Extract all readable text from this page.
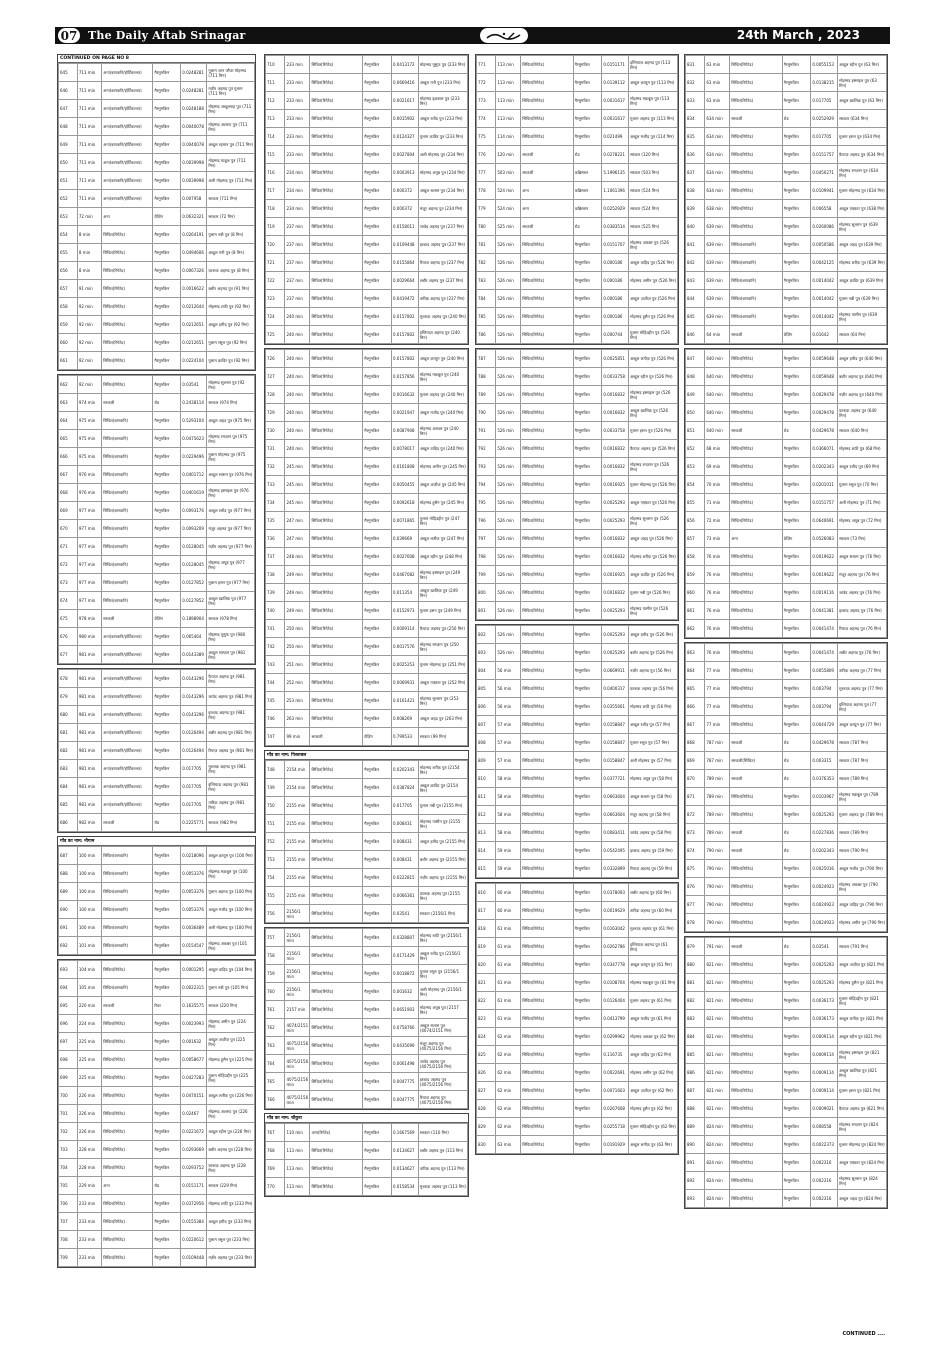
07 The Daily Aftab Srinagar	24th March , 2023
CONTINUED ON PAGE NO 8
645	711 min	अन्य(बागवानि/हॉर्टिकल्चर)	गैरमुमकिन	0.0248281	गुलाम जान जौजा मोहम्मद (711 मिन)
646	711 min	अन्य(बागवानि/हॉर्टिकल्चर)	गैरमुमकिन	0.0248281	नज़ीर अहमद पुत्र गुलाम (711 मिन)
647	711 min	अन्य(बागवानि/हॉर्टिकल्चर)	गैरमुमकिन	0.0248188	मोहम्मद अब्दुल्लाह पुत्र (711 मिन)
648	711 min	अन्य(बागवानि/हॉर्टिकल्चर)	गैरमुमकिन	0.0040078	मोहम्मद अशरफ पुत्र (711 मिन)
649	711 min	अन्य(बागवानि/हॉर्टिकल्चर)	गैरमुमकिन	0.0040078	अब्दुल रहमान पुत्र (711 मिन)
650	711 min	अन्य(बागवानि/हॉर्टिकल्चर)	गैरमुमकिन	0.0039998	मोहम्मद याकूब पुत्र (711 मिन)
651	711 min	अन्य(बागवानि/हॉर्टिकल्चर)	गैरमुमकिन	0.0039998	अली मोहम्मद पुत्र (711 मिन)
652	711 min	अन्य(बागवानि/हॉर्टिकल्चर)	गैरमुमकिन	0.007958	सरकार (711 मिन)
653	72 min	अन्य	ग्रेज़िंग	0.0632321	सरकार (72 मिन)
654	8 min	सिंचित(रिगेटेड)	गैरमुमकिन	0.0264191	गुलाम नबी पुत्र (8 मिन)
655	8 min	सिंचित(रिगेटेड)	गैरमुमकिन	0.0494606	अब्दुल गनी पुत्र (8 मिन)
656	8 min	सिंचित(रिगेटेड)	गैरमुमकिन	0.0067326	फ़ारूक अहमद पुत्र (8 मिन)
657	91 min	सिंचित(रिगेटेड)	गैरमुमकिन	0.0016622	बशीर अहमद पुत्र (91 मिन)
658	92 min	सिंचित(रिगेटेड)	गैरमुमकिन	0.0212644	मोहम्मद शफी पुत्र (92 मिन)
659	92 min	सिंचित(रिगेटेड)	गैरमुमकिन	0.0212651	अब्दुल हमीद पुत्र (92 मिन)
660	92 min	सिंचित(रिगेटेड)	गैरमुमकिन	0.0212651	गुलाम रसूल पुत्र (92 मिन)
661	92 min	सिंचित(रिगेटेड)	गैरमुमकिन	0.0224104	ग़ुलाम क़ादिर पुत्र (92 मिन)
662	92 min	सिंचित(रिगेटेड)	गैरमुमकिन	0.03541	मोहम्मद सुल्तान पुत्र (92 मिन)
663	974 min	सरकारी	रोड	0.2438114	सरकार (974 मिन)
664	975 min	सिंचित(बागवानि)	गैरमुमकिन	0.5293104	अब्दुल अहद पुत्र (975 मिन)
665	975 min	सिंचित(बागवानि)	गैरमुमकिन	0.0475623	मोहम्मद रमज़ान पुत्र (975 मिन)
666	975 min	सिंचित(बागवानि)	गैरमुमकिन	0.0229496	ग़ुलाम मोहम्मद पुत्र (975 मिन)
667	976 min	सिंचित(बागवानि)	गैरमुमकिन	0.0401712	अब्दुल सलाम पुत्र (976 मिन)
668	976 min	सिंचित(बागवानि)	गैरमुमकिन	0.0401619	मोहम्मद इस्माइल पुत्र (976 मिन)
669	977 min	सिंचित(बागवानि)	गैरमुमकिन	0.0093176	अब्दुल रशीद पुत्र (977 मिन)
670	977 min	सिंचित(बागवानि)	गैरमुमकिन	0.0093209	मंज़ूर अहमद पुत्र (977 मिन)
671	977 min	सिंचित(बागवानि)	गैरमुमकिन	0.0128045	नज़ीर अहमद पुत्र (977 मिन)
672	977 min	सिंचित(बागवानि)	गैरमुमकिन	0.0128045	मोहम्मद अयूब पुत्र (977 मिन)
673	977 min	सिंचित(बागवानि)	गैरमुमकिन	0.0127852	ग़ुलाम हसन पुत्र (977 मिन)
674	977 min	सिंचित(बागवानि)	गैरमुमकिन	0.0127852	अब्दुल ख़ालिक़ पुत्र (977 मिन)
675	978 min	सरकारी	ग्रेज़िंग	0.1898904	सरकार (978 मिन)
676	980 min	अन्य(बागवानि/हॉर्टिकल्चर)	गैरमुमकिन	0.065464	मोहम्मद यूसुफ पुत्र (980 मिन)
677	981 min	अन्य(बागवानि/हॉर्टिकल्चर)	गैरमुमकिन	0.0143389	अब्दुल ग़फ़्फ़ार पुत्र (981 मिन)
678	981 min	अन्य(बागवानि/हॉर्टिकल्चर)	गैरमुमकिन	0.0143296	फ़ैयाज़ अहमद पुत्र (981 मिन)
679	981 min	अन्य(बागवानि/हॉर्टिकल्चर)	गैरमुमकिन	0.0143296	जावेद अहमद पुत्र (981 मिन)
680	981 min	अन्य(बागवानि/हॉर्टिकल्चर)	गैरमुमकिन	0.0143296	इरशाद अहमद पुत्र (981 मिन)
681	981 min	अन्य(बागवानि/हॉर्टिकल्चर)	गैरमुमकिन	0.0126494	शबीर अहमद पुत्र (981 मिन)
682	981 min	अन्य(बागवानि/हॉर्टिकल्चर)	गैरमुमकिन	0.0126494	रियाज़ अहमद पुत्र (981 मिन)
683	981 min	अन्य(बागवानि/हॉर्टिकल्चर)	गैरमुमकिन	0.017705	मुश्ताक़ अहमद पुत्र (981 मिन)
684	981 min	अन्य(बागवानि/हॉर्टिकल्चर)	गैरमुमकिन	0.017705	इम्तियाज़ अहमद पुत्र (981 मिन)
685	981 min	अन्य(बागवानि/हॉर्टिकल्चर)	गैरमुमकिन	0.017705	तारिक़ अहमद पुत्र (981 मिन)
686	982 min	सरकारी	रोड	0.2225771	सरकार (982 मिन)
गाँव का नाम: नौगाम
687	100 min	सिंचित(बागवानि)	गैरमुमकिन	0.0218096	अब्दुल क़य्यूम पुत्र (100 मिन)
688	100 min	सिंचित(बागवानि)	गैरमुमकिन	0.0053376	मोहम्मद मक़बूल पुत्र (100 मिन)
689	100 min	सिंचित(बागवानि)	गैरमुमकिन	0.0053376	ग़ुलाम अहमद पुत्र (100 मिन)
690	100 min	सिंचित(बागवानि)	गैरमुमकिन	0.0053376	अब्दुल मजीद पुत्र (100 मिन)
691	100 min	सिंचित(बागवानि)	गैरमुमकिन	0.0036489	अली मोहम्मद पुत्र (100 मिन)
692	101 min	सिंचित(बागवानि)	गैरमुमकिन	0.0154547	मोहम्मद अकबर पुत्र (101 मिन)
693	104 min	सिंचित(रिगेटेड)	गैरमुमकिन	0.0001295	अब्दुल वाहिद पुत्र (104 मिन)
694	105 min	सिंचित(बागवानि)	गैरमुमकिन	0.0022315	ग़ुलाम नबी पुत्र (105 मिन)
695	220 min	सरकारी	रिवर	0.1635575	सरकार (220 मिन)
696	224 min	सिंचित(रिगेटेड)	गैरमुमकिन	0.0023993	मोहम्मद अमीन पुत्र (224 मिन)
697	225 min	सिंचित(रिगेटेड)	गैरमुमकिन	0.001632	अब्दुल अज़ीज़ पुत्र (225 मिन)
698	225 min	सिंचित(रिगेटेड)	गैरमुमकिन	0.0058677	मोहम्मद हुसैन पुत्र (225 मिन)
699	225 min	सिंचित(रिगेटेड)	गैरमुमकिन	0.0427283	ग़ुलाम मोहिउद्दीन पुत्र (225 मिन)
700	226 min	सिंचित(रिगेटेड)	गैरमुमकिन	0.0470151	अब्दुल लतीफ़ पुत्र (226 मिन)
701	226 min	सिंचित(रिगेटेड)	गैरमुमकिन	0.02467	मोहम्मद अशरफ पुत्र (226 मिन)
702	226 min	सिंचित(रिगेटेड)	गैरमुमकिन	0.0221672	अब्दुल रहीम पुत्र (226 मिन)
703	228 min	सिंचित(रिगेटेड)	गैरमुमकिन	0.0293669	बशीर अहमद पुत्र (228 मिन)
704	228 min	सिंचित(रिगेटेड)	गैरमुमकिन	0.0293752	फ़ारूक़ अहमद पुत्र (228 मिन)
705	229 min	अन्य	रोड	0.0151171	सरकार (229 मिन)
706	233 min	सिंचित(रिगेटेड)	गैरमुमकिन	0.0372956	मोहम्मद शफ़ी पुत्र (233 मिन)
707	233 min	सिंचित(रिगेटेड)	गैरमुमकिन	0.0155384	अब्दुल हमीद पुत्र (233 मिन)
708	233 min	सिंचित(रिगेटेड)	गैरमुमकिन	0.0220612	ग़ुलाम रसूल पुत्र (233 मिन)
709	233 min	सिंचित(रिगेटेड)	गैरमुमकिन	0.0109448	नज़ीर अहमद पुत्र (233 मिन)
710	233 min	सिंचित(रिगेटेड)	गैरमुमकिन	0.0413172	मोहम्मद यूसुफ़ पुत्र (233 मिन)
711	233 min	सिंचित(रिगेटेड)	गैरमुमकिन	0.0669416	अब्दुल ग़नी पुत्र (233 मिन)
712	233 min	सिंचित(रिगेटेड)	गैरमुमकिन	0.0021617	मोहम्मद इक़बाल पुत्र (233 मिन)
713	233 min	सिंचित(रिगेटेड)	गैरमुमकिन	0.0015902	अब्दुल रशीद पुत्र (233 मिन)
714	233 min	सिंचित(रिगेटेड)	गैरमुमकिन	0.0124327	ग़ुलाम क़ादिर पुत्र (233 मिन)
715	233 min	सिंचित(रिगेटेड)	गैरमुमकिन	0.0027804	अली मोहम्मद पुत्र (234 मिन)
716	234 min	सिंचित(रिगेटेड)	गैरमुमकिन	0.0003913	मोहम्मद अयूब पुत्र (234 मिन)
717	234 min	सिंचित(रिगेटेड)	गैरमुमकिन	0.000372	अब्दुल सलाम पुत्र (234 मिन)
718	234 min	सिंचित(रिगेटेड)	गैरमुमकिन	0.000372	मंज़ूर अहमद पुत्र (234 मिन)
719	237 min	सिंचित(रिगेटेड)	गैरमुमकिन	0.0158011	जावेद अहमद पुत्र (237 मिन)
720	237 min	सिंचित(रिगेटेड)	गैरमुमकिन	0.0109448	इरशाद अहमद पुत्र (237 मिन)
721	237 min	सिंचित(रिगेटेड)	गैरमुमकिन	0.0155864	रियाज़ अहमद पुत्र (237 मिन)
722	237 min	सिंचित(रिगेटेड)	गैरमुमकिन	0.0029664	शबीर अहमद पुत्र (237 मिन)
723	237 min	सिंचित(रिगेटेड)	गैरमुमकिन	0.0419472	तारिक़ अहमद पुत्र (237 मिन)
724	240 min	सिंचित(रिगेटेड)	गैरमुमकिन	0.0157802	मुश्ताक़ अहमद पुत्र (240 मिन)
725	240 min	सिंचित(रिगेटेड)	गैरमुमकिन	0.0157802	इम्तियाज़ अहमद पुत्र (240 मिन)
726	240 min	सिंचित(रिगेटेड)	गैरमुमकिन	0.0157802	अब्दुल क़य्यूम पुत्र (240 मिन)
727	240 min	सिंचित(रिगेटेड)	गैरमुमकिन	0.0157856	मोहम्मद मक़बूल पुत्र (240 मिन)
728	240 min	सिंचित(रिगेटेड)	गैरमुमकिन	0.0016632	ग़ुलाम अहमद पुत्र (240 मिन)
729	240 min	सिंचित(रिगेटेड)	गैरमुमकिन	0.0021947	अब्दुल मजीद पुत्र (240 मिन)
730	240 min	सिंचित(रिगेटेड)	गैरमुमकिन	0.0087908	मोहम्मद अकबर पुत्र (240 मिन)
731	240 min	सिंचित(रिगेटेड)	गैरमुमकिन	0.0078017	अब्दुल वाहिद पुत्र (240 मिन)
732	245 min	सिंचित(रिगेटेड)	गैरमुमकिन	0.0161808	मोहम्मद अमीन पुत्र (245 मिन)
733	245 min	सिंचित(रिगेटेड)	गैरमुमकिन	0.0050455	अब्दुल अज़ीज़ पुत्र (245 मिन)
734	245 min	सिंचित(रिगेटेड)	गैरमुमकिन	0.0092618	मोहम्मद हुसैन पुत्र (245 मिन)
735	247 min	सिंचित(रिगेटेड)	गैरमुमकिन	0.0071865	ग़ुलाम मोहिउद्दीन पुत्र (247 मिन)
736	247 min	सिंचित(रिगेटेड)	गैरमुमकिन	0.039669	अब्दुल लतीफ़ पुत्र (247 मिन)
737	248 min	सिंचित(रिगेटेड)	गैरमुमकिन	0.0027608	अब्दुल रहीम पुत्र (248 मिन)
738	249 min	सिंचित(रिगेटेड)	गैरमुमकिन	0.0467082	मोहम्मद इस्माइल पुत्र (249 मिन)
739	249 min	सिंचित(रिगेटेड)	गैरमुमकिन	0.011354	अब्दुल ख़ालिक़ पुत्र (249 मिन)
740	249 min	सिंचित(रिगेटेड)	गैरमुमकिन	0.0152973	ग़ुलाम हसन पुत्र (249 मिन)
741	250 min	सिंचित(रिगेटेड)	गैरमुमकिन	0.0009114	फ़ैयाज़ अहमद पुत्र (250 मिन)
742	250 min	सिंचित(रिगेटेड)	गैरमुमकिन	0.0017576	मोहम्मद रमज़ान पुत्र (250 मिन)
743	251 min	सिंचित(रिगेटेड)	गैरमुमकिन	0.0025253	ग़ुलाम मोहम्मद पुत्र (251 मिन)
744	252 min	सिंचित(रिगेटेड)	गैरमुमकिन	0.0069931	अब्दुल ग़फ़्फ़ार पुत्र (252 मिन)
745	253 min	सिंचित(रिगेटेड)	गैरमुमकिन	0.0161421	मोहम्मद सुल्तान पुत्र (253 मिन)
746	263 min	सिंचित(रिगेटेड)	गैरमुमकिन	0.008269	अब्दुल अहद पुत्र (263 मिन)
747	99 min	सरकारी	ग्रेज़िंग	0.799533	सरकार (99 मिन)
गाँव का नाम: पिस्ताबल
748	2154 min	सिंचित(रिगेटेड)	गैरमुमकिन	0.0202343	मोहम्मद शरीफ़ पुत्र (2154 मिन)
749	2154 min	सिंचित(रिगेटेड)	गैरमुमकिन	0.0387824	अब्दुल क़ादिर पुत्र (2154 मिन)
750	2155 min	सिंचित(रिगेटेड)	गैरमुमकिन	0.017705	ग़ुलाम नबी पुत्र (2155 मिन)
751	2155 min	सिंचित(रिगेटेड)	गैरमुमकिन	0.008431	मोहम्मद यासीन पुत्र (2155 मिन)
752	2155 min	सिंचित(रिगेटेड)	गैरमुमकिन	0.008431	अब्दुल हमीद पुत्र (2155 मिन)
753	2155 min	सिंचित(रिगेटेड)	गैरमुमकिन	0.008431	बशीर अहमद पुत्र (2155 मिन)
754	2155 min	सिंचित(रिगेटेड)	गैरमुमकिन	0.0222815	नज़ीर अहमद पुत्र (2155 मिन)
755	2155 min	सिंचित(रिगेटेड)	गैरमुमकिन	0.0066361	फ़ारूक़ अहमद पुत्र (2155 मिन)
756	2156/1 min	सिंचित(रिगेटेड)	गैरमुमकिन	0.03541	सरकार (2156/1 मिन)
757	2156/1 min	सिंचित(रिगेटेड)	गैरमुमकिन	0.0328807	मोहम्मद शफ़ी पुत्र (2156/1 मिन)
758	2156/1 min	सिंचित(रिगेटेड)	गैरमुमकिन	0.0171429	अब्दुल रशीद पुत्र (2156/1 मिन)
759	2156/1 min	सिंचित(रिगेटेड)	गैरमुमकिन	0.0018872	ग़ुलाम रसूल पुत्र (2156/1 मिन)
760	2156/1 min	सिंचित(रिगेटेड)	गैरमुमकिन	0.001632	अली मोहम्मद पुत्र (2156/1 मिन)
761	2157 min	सिंचित(रिगेटेड)	गैरमुमकिन	0.0651903	मोहम्मद अयूब पुत्र (2157 मिन)
762	4074/2151 min	सिंचित(रिगेटेड)	गैरमुमकिन	0.0758766	अब्दुल सलाम पुत्र (4074/2151 मिन)
763	4075/2156 min	सिंचित(रिगेटेड)	गैरमुमकिन	0.0435699	मंज़ूर अहमद पुत्र (4075/2156 मिन)
764	4075/2156 min	सिंचित(रिगेटेड)	गैरमुमकिन	0.0061498	जावेद अहमद पुत्र (4075/2156 मिन)
765	4075/2156 min	सिंचित(रिगेटेड)	गैरमुमकिन	0.0047775	इरशाद अहमद पुत्र (4075/2156 मिन)
766	4075/2156 min	सिंचित(रिगेटेड)	गैरमुमकिन	0.0047775	रियाज़ अहमद पुत्र (4075/2156 मिन)
गाँव का नाम: चौकुरा
767	110 min	अन्य(रिगेटेड)	गैरमुमकिन	0.1667569	सरकार (110 मिन)
768	113 min	सिंचित(रिगेटेड)	गैरमुमकिन	0.0134627	शबीर अहमद पुत्र (113 मिन)
769	113 min	सिंचित(रिगेटेड)	गैरमुमकिन	0.0134627	तारिक़ अहमद पुत्र (113 मिन)
770	113 min	सिंचित(रिगेटेड)	गैरमुमकिन	0.0158534	मुश्ताक़ अहमद पुत्र (113 मिन)
771	113 min	सिंचित(रिगेटेड)	गैरमुमकिन	0.0151171	इम्तियाज़ अहमद पुत्र (113 मिन)
772	113 min	सिंचित(रिगेटेड)	गैरमुमकिन	0.0139112	अब्दुल क़य्यूम पुत्र (113 मिन)
773	113 min	सिंचित(रिगेटेड)	गैरमुमकिन	0.0031617	मोहम्मद मक़बूल पुत्र (113 मिन)
774	113 min	सिंचित(रिगेटेड)	गैरमुमकिन	0.0031617	ग़ुलाम अहमद पुत्र (113 मिन)
775	114 min	सिंचित(रिगेटेड)	गैरमुमकिन	0.021499	अब्दुल मजीद पुत्र (114 मिन)
776	120 min	सरकारी	रोड	0.0278221	सरकार (120 मिन)
777	503 min	सरकारी	कब्रिस्तान	5.1996135	सरकार (503 मिन)
778	524 min	अन्य	कब्रिस्तान	1.1061396	सरकार (524 मिन)
779	524 min	अन्य	कब्रिस्तान	0.0252929	सरकार (524 मिन)
780	525 min	सरकारी	रोड	0.0383514	सरकार (525 मिन)
781	526 min	सिंचित(रिगेटेड)	गैरमुमकिन	0.0151707	मोहम्मद अकबर पुत्र (526 मिन)
782	526 min	सिंचित(रिगेटेड)	गैरमुमकिन	0.000186	अब्दुल वाहिद पुत्र (526 मिन)
783	526 min	सिंचित(रिगेटेड)	गैरमुमकिन	0.000186	मोहम्मद अमीन पुत्र (526 मिन)
784	526 min	सिंचित(रिगेटेड)	गैरमुमकिन	0.000186	अब्दुल अज़ीज़ पुत्र (526 मिन)
785	526 min	सिंचित(रिगेटेड)	गैरमुमकिन	0.000186	मोहम्मद हुसैन पुत्र (526 मिन)
786	526 min	सिंचित(रिगेटेड)	गैरमुमकिन	0.000744	ग़ुलाम मोहिउद्दीन पुत्र (526 मिन)
787	526 min	सिंचित(रिगेटेड)	गैरमुमकिन	0.0025851	अब्दुल लतीफ़ पुत्र (526 मिन)
788	526 min	सिंचित(रिगेटेड)	गैरमुमकिन	0.0033758	अब्दुल रहीम पुत्र (526 मिन)
789	526 min	सिंचित(रिगेटेड)	गैरमुमकिन	0.0016832	मोहम्मद इस्माइल पुत्र (526 मिन)
790	526 min	सिंचित(रिगेटेड)	गैरमुमकिन	0.0016832	अब्दुल ख़ालिक़ पुत्र (526 मिन)
791	526 min	सिंचित(रिगेटेड)	गैरमुमकिन	0.0033758	ग़ुलाम हसन पुत्र (526 मिन)
792	526 min	सिंचित(रिगेटेड)	गैरमुमकिन	0.0016832	फ़ैयाज़ अहमद पुत्र (526 मिन)
793	526 min	सिंचित(रिगेटेड)	गैरमुमकिन	0.0016832	मोहम्मद रमज़ान पुत्र (526 मिन)
794	526 min	सिंचित(रिगेटेड)	गैरमुमकिन	0.0016925	ग़ुलाम मोहम्मद पुत्र (526 मिन)
795	526 min	सिंचित(रिगेटेड)	गैरमुमकिन	0.0025293	अब्दुल ग़फ़्फ़ार पुत्र (526 मिन)
796	526 min	सिंचित(रिगेटेड)	गैरमुमकिन	0.0025293	मोहम्मद सुल्तान पुत्र (526 मिन)
797	526 min	सिंचित(रिगेटेड)	गैरमुमकिन	0.0016832	अब्दुल अहद पुत्र (526 मिन)
798	526 min	सिंचित(रिगेटेड)	गैरमुमकिन	0.0016832	मोहम्मद शरीफ़ पुत्र (526 मिन)
799	526 min	सिंचित(रिगेटेड)	गैरमुमकिन	0.0016925	अब्दुल क़ादिर पुत्र (526 मिन)
800	526 min	सिंचित(रिगेटेड)	गैरमुमकिन	0.0016832	ग़ुलाम नबी पुत्र (526 मिन)
801	526 min	सिंचित(रिगेटेड)	गैरमुमकिन	0.0025293	मोहम्मद यासीन पुत्र (526 मिन)
802	526 min	सिंचित(रिगेटेड)	गैरमुमकिन	0.0025293	अब्दुल हमीद पुत्र (526 मिन)
803	526 min	सिंचित(रिगेटेड)	गैरमुमकिन	0.0025293	बशीर अहमद पुत्र (526 मिन)
804	56 min	सिंचित(रिगेटेड)	गैरमुमकिन	0.0669911	नज़ीर अहमद पुत्र (56 मिन)
805	56 min	सिंचित(रिगेटेड)	गैरमुमकिन	0.0400317	फ़ारूक़ अहमद पुत्र (56 मिन)
806	56 min	सिंचित(रिगेटेड)	गैरमुमकिन	0.0355661	मोहम्मद शफ़ी पुत्र (56 मिन)
807	57 min	सिंचित(रिगेटेड)	गैरमुमकिन	0.0158847	अब्दुल रशीद पुत्र (57 मिन)
808	57 min	सिंचित(रिगेटेड)	गैरमुमकिन	0.0158847	ग़ुलाम रसूल पुत्र (57 मिन)
809	57 min	सिंचित(रिगेटेड)	गैरमुमकिन	0.0158847	अली मोहम्मद पुत्र (57 मिन)
810	58 min	सिंचित(रिगेटेड)	गैरमुमकिन	0.0377721	मोहम्मद अयूब पुत्र (58 मिन)
811	58 min	सिंचित(रिगेटेड)	गैरमुमकिन	0.0663604	अब्दुल सलाम पुत्र (58 मिन)
812	58 min	सिंचित(रिगेटेड)	गैरमुमकिन	0.0663604	मंज़ूर अहमद पुत्र (58 मिन)
813	58 min	सिंचित(रिगेटेड)	गैरमुमकिन	0.0083411	जावेद अहमद पुत्र (58 मिन)
814	59 min	सिंचित(रिगेटेड)	गैरमुमकिन	0.0542495	इरशाद अहमद पुत्र (59 मिन)
815	59 min	सिंचित(रिगेटेड)	गैरमुमकिन	0.0332899	रियाज़ अहमद पुत्र (59 मिन)
816	60 min	सिंचित(रिगेटेड)	गैरमुमकिन	0.0378093	शबीर अहमद पुत्र (60 मिन)
817	60 min	सिंचित(रिगेटेड)	गैरमुमकिन	0.0019629	तारिक़ अहमद पुत्र (60 मिन)
818	61 min	सिंचित(रिगेटेड)	गैरमुमकिन	0.0163042	मुश्ताक़ अहमद पुत्र (61 मिन)
819	61 min	सिंचित(रिगेटेड)	गैरमुमकिन	0.0262786	इम्तियाज़ अहमद पुत्र (61 मिन)
820	61 min	सिंचित(रिगेटेड)	गैरमुमकिन	0.0347778	अब्दुल क़य्यूम पुत्र (61 मिन)
821	61 min	सिंचित(रिगेटेड)	गैरमुमकिन	0.0108704	मोहम्मद मक़बूल पुत्र (61 मिन)
822	61 min	सिंचित(रिगेटेड)	गैरमुमकिन	0.0126404	ग़ुलाम अहमद पुत्र (61 मिन)
823	61 min	सिंचित(रिगेटेड)	गैरमुमकिन	0.0413799	अब्दुल मजीद पुत्र (61 मिन)
824	62 min	सिंचित(रिगेटेड)	गैरमुमकिन	0.0299962	मोहम्मद अकबर पुत्र (62 मिन)
825	62 min	सिंचित(रिगेटेड)	गैरमुमकिन	0.116735	अब्दुल वाहिद पुत्र (62 मिन)
826	62 min	सिंचित(रिगेटेड)	गैरमुमकिन	0.0022691	मोहम्मद अमीन पुत्र (62 मिन)
827	62 min	सिंचित(रिगेटेड)	गैरमुमकिन	0.0071603	अब्दुल अज़ीज़ पुत्र (62 मिन)
828	62 min	सिंचित(रिगेटेड)	गैरमुमकिन	0.0267608	मोहम्मद हुसैन पुत्र (62 मिन)
829	62 min	सिंचित(रिगेटेड)	गैरमुमकिन	0.0255718	ग़ुलाम मोहिउद्दीन पुत्र (62 मिन)
830	63 min	सिंचित(रिगेटेड)	गैरमुमकिन	0.0191929	अब्दुल लतीफ़ पुत्र (63 मिन)
831	63 min	सिंचित(रिगेटेड)	गैरमुमकिन	0.0055153	अब्दुल रहीम पुत्र (63 मिन)
832	63 min	सिंचित(रिगेटेड)	गैरमुमकिन	0.0138215	मोहम्मद इस्माइल पुत्र (63 मिन)
833	63 min	सिंचित(रिगेटेड)	गैरमुमकिन	0.017705	अब्दुल ख़ालिक़ पुत्र (63 मिन)
834	634 min	सरकारी	रोड	0.0252929	सरकार (634 मिन)
835	634 min	सिंचित(रिगेटेड)	गैरमुमकिन	0.017705	ग़ुलाम हसन पुत्र (634 मिन)
836	634 min	सिंचित(रिगेटेड)	गैरमुमकिन	0.0151757	फ़ैयाज़ अहमद पुत्र (634 मिन)
837	634 min	सिंचित(रिगेटेड)	गैरमुमकिन	0.0450271	मोहम्मद रमज़ान पुत्र (634 मिन)
838	634 min	सिंचित(रिगेटेड)	गैरमुमकिन	0.0109941	ग़ुलाम मोहम्मद पुत्र (634 मिन)
839	638 min	सिंचित(रिगेटेड)	गैरमुमकिन	0.006558	अब्दुल ग़फ़्फ़ार पुत्र (638 मिन)
840	639 min	सिंचित(रिगेटेड)	गैरमुमकिन	0.0260086	मोहम्मद सुल्तान पुत्र (639 मिन)
841	639 min	सिंचित(बागवानि)	गैरमुमकिन	0.0050586	अब्दुल अहद पुत्र (639 मिन)
842	639 min	सिंचित(बागवानि)	गैरमुमकिन	0.0042125	मोहम्मद शरीफ़ पुत्र (639 मिन)
843	639 min	सिंचित(बागवानि)	गैरमुमकिन	0.0014042	अब्दुल क़ादिर पुत्र (639 मिन)
844	639 min	सिंचित(बागवानि)	गैरमुमकिन	0.0014042	ग़ुलाम नबी पुत्र (639 मिन)
845	639 min	सिंचित(बागवानि)	गैरमुमकिन	0.0014042	मोहम्मद यासीन पुत्र (639 मिन)
846	64 min	सरकारी	ग्रेज़िंग	0.01642	सरकार (64 मिन)
847	640 min	सिंचित(रिगेटेड)	गैरमुमकिन	0.0059648	अब्दुल हमीद पुत्र (640 मिन)
848	640 min	सिंचित(रिगेटेड)	गैरमुमकिन	0.0059648	बशीर अहमद पुत्र (640 मिन)
849	640 min	सिंचित(रिगेटेड)	गैरमुमकिन	0.0029478	नज़ीर अहमद पुत्र (640 मिन)
850	640 min	सिंचित(रिगेटेड)	गैरमुमकिन	0.0029478	फ़ारूक़ अहमद पुत्र (640 मिन)
851	640 min	सरकारी	रोड	0.0429678	सरकार (640 मिन)
852	68 min	सिंचित(रिगेटेड)	गैरमुमकिन	0.0366071	मोहम्मद शफ़ी पुत्र (68 मिन)
853	69 min	सिंचित(रिगेटेड)	गैरमुमकिन	0.0202343	अब्दुल रशीद पुत्र (69 मिन)
854	70 min	सिंचित(रिगेटेड)	गैरमुमकिन	0.0201011	ग़ुलाम रसूल पुत्र (70 मिन)
855	71 min	सिंचित(रिगेटेड)	गैरमुमकिन	0.0151757	अली मोहम्मद पुत्र (71 मिन)
856	72 min	सिंचित(रिगेटेड)	गैरमुमकिन	0.0640691	मोहम्मद अयूब पुत्र (72 मिन)
857	73 min	अन्य	ग्रेज़िंग	0.0526083	सरकार (73 मिन)
858	76 min	सिंचित(रिगेटेड)	गैरमुमकिन	0.0019622	अब्दुल सलाम पुत्र (76 मिन)
859	76 min	सिंचित(रिगेटेड)	गैरमुमकिन	0.0019622	मंज़ूर अहमद पुत्र (76 मिन)
860	76 min	सिंचित(रिगेटेड)	गैरमुमकिन	0.0019116	जावेद अहमद पुत्र (76 मिन)
861	76 min	सिंचित(रिगेटेड)	गैरमुमकिन	0.0041381	इरशाद अहमद पुत्र (76 मिन)
862	76 min	सिंचित(रिगेटेड)	गैरमुमकिन	0.0041474	रियाज़ अहमद पुत्र (76 मिन)
863	76 min	सिंचित(रिगेटेड)	गैरमुमकिन	0.0041474	शबीर अहमद पुत्र (76 मिन)
864	77 min	सिंचित(रिगेटेड)	गैरमुमकिन	0.0055809	तारिक़ अहमद पुत्र (77 मिन)
865	77 min	सिंचित(रिगेटेड)	गैरमुमकिन	0.003794	मुश्ताक़ अहमद पुत्र (77 मिन)
866	77 min	सिंचित(रिगेटेड)	गैरमुमकिन	0.003794	इम्तियाज़ अहमद पुत्र (77 मिन)
867	77 min	सिंचित(रिगेटेड)	गैरमुमकिन	0.0044729	अब्दुल क़य्यूम पुत्र (77 मिन)
868	787 min	सरकारी	रोड	0.0429678	सरकार (787 मिन)
869	787 min	सरकारी(सिंचित)	रोड	0.003315	सरकार (787 मिन)
870	789 min	सरकारी	रोड	0.0376353	सरकार (789 मिन)
871	789 min	सिंचित(रिगेटेड)	गैरमुमकिन	0.0103967	मोहम्मद मक़बूल पुत्र (789 मिन)
872	789 min	सिंचित(रिगेटेड)	गैरमुमकिन	0.0025293	ग़ुलाम अहमद पुत्र (789 मिन)
873	789 min	सरकारी	रोड	0.0227836	सरकार (789 मिन)
874	790 min	सरकारी	रोड	0.0202343	सरकार (790 मिन)
875	790 min	सिंचित(रिगेटेड)	गैरमुमकिन	0.0025016	अब्दुल मजीद पुत्र (790 मिन)
876	790 min	सिंचित(रिगेटेड)	गैरमुमकिन	0.0024923	मोहम्मद अकबर पुत्र (790 मिन)
877	790 min	सिंचित(रिगेटेड)	गैरमुमकिन	0.0024923	अब्दुल वाहिद पुत्र (790 मिन)
878	790 min	सिंचित(रिगेटेड)	गैरमुमकिन	0.0024923	मोहम्मद अमीन पुत्र (790 मिन)
879	791 min	सरकारी	रोड	0.03541	सरकार (791 मिन)
880	821 min	सिंचित(रिगेटेड)	गैरमुमकिन	0.0025293	अब्दुल अज़ीज़ पुत्र (821 मिन)
881	821 min	सिंचित(रिगेटेड)	गैरमुमकिन	0.0025293	मोहम्मद हुसैन पुत्र (821 मिन)
882	821 min	सिंचित(रिगेटेड)	गैरमुमकिन	0.0036173	ग़ुलाम मोहिउद्दीन पुत्र (821 मिन)
883	821 min	सिंचित(रिगेटेड)	गैरमुमकिन	0.0036173	अब्दुल लतीफ़ पुत्र (821 मिन)
884	821 min	सिंचित(रिगेटेड)	गैरमुमकिन	0.0009114	अब्दुल रहीम पुत्र (821 मिन)
885	821 min	सिंचित(रिगेटेड)	गैरमुमकिन	0.0009114	मोहम्मद इस्माइल पुत्र (821 मिन)
886	821 min	सिंचित(रिगेटेड)	गैरमुमकिन	0.0009114	अब्दुल ख़ालिक़ पुत्र (821 मिन)
887	821 min	सिंचित(रिगेटेड)	गैरमुमकिन	0.0009114	ग़ुलाम हसन पुत्र (821 मिन)
888	821 min	सिंचित(रिगेटेड)	गैरमुमकिन	0.0009021	फ़ैयाज़ अहमद पुत्र (821 मिन)
889	824 min	सिंचित(रिगेटेड)	गैरमुमकिन	0.008558	मोहम्मद रमज़ान पुत्र (824 मिन)
890	824 min	सिंचित(रिगेटेड)	गैरमुमकिन	0.0022373	ग़ुलाम मोहम्मद पुत्र (824 मिन)
891	824 min	सिंचित(रिगेटेड)	गैरमुमकिन	0.002316	अब्दुल ग़फ़्फ़ार पुत्र (824 मिन)
892	824 min	सिंचित(रिगेटेड)	गैरमुमकिन	0.002316	मोहम्मद सुल्तान पुत्र (824 मिन)
893	824 min	सिंचित(रिगेटेड)	गैरमुमकिन	0.002316	अब्दुल अहद पुत्र (824 मिन)
CONTINUED ....
